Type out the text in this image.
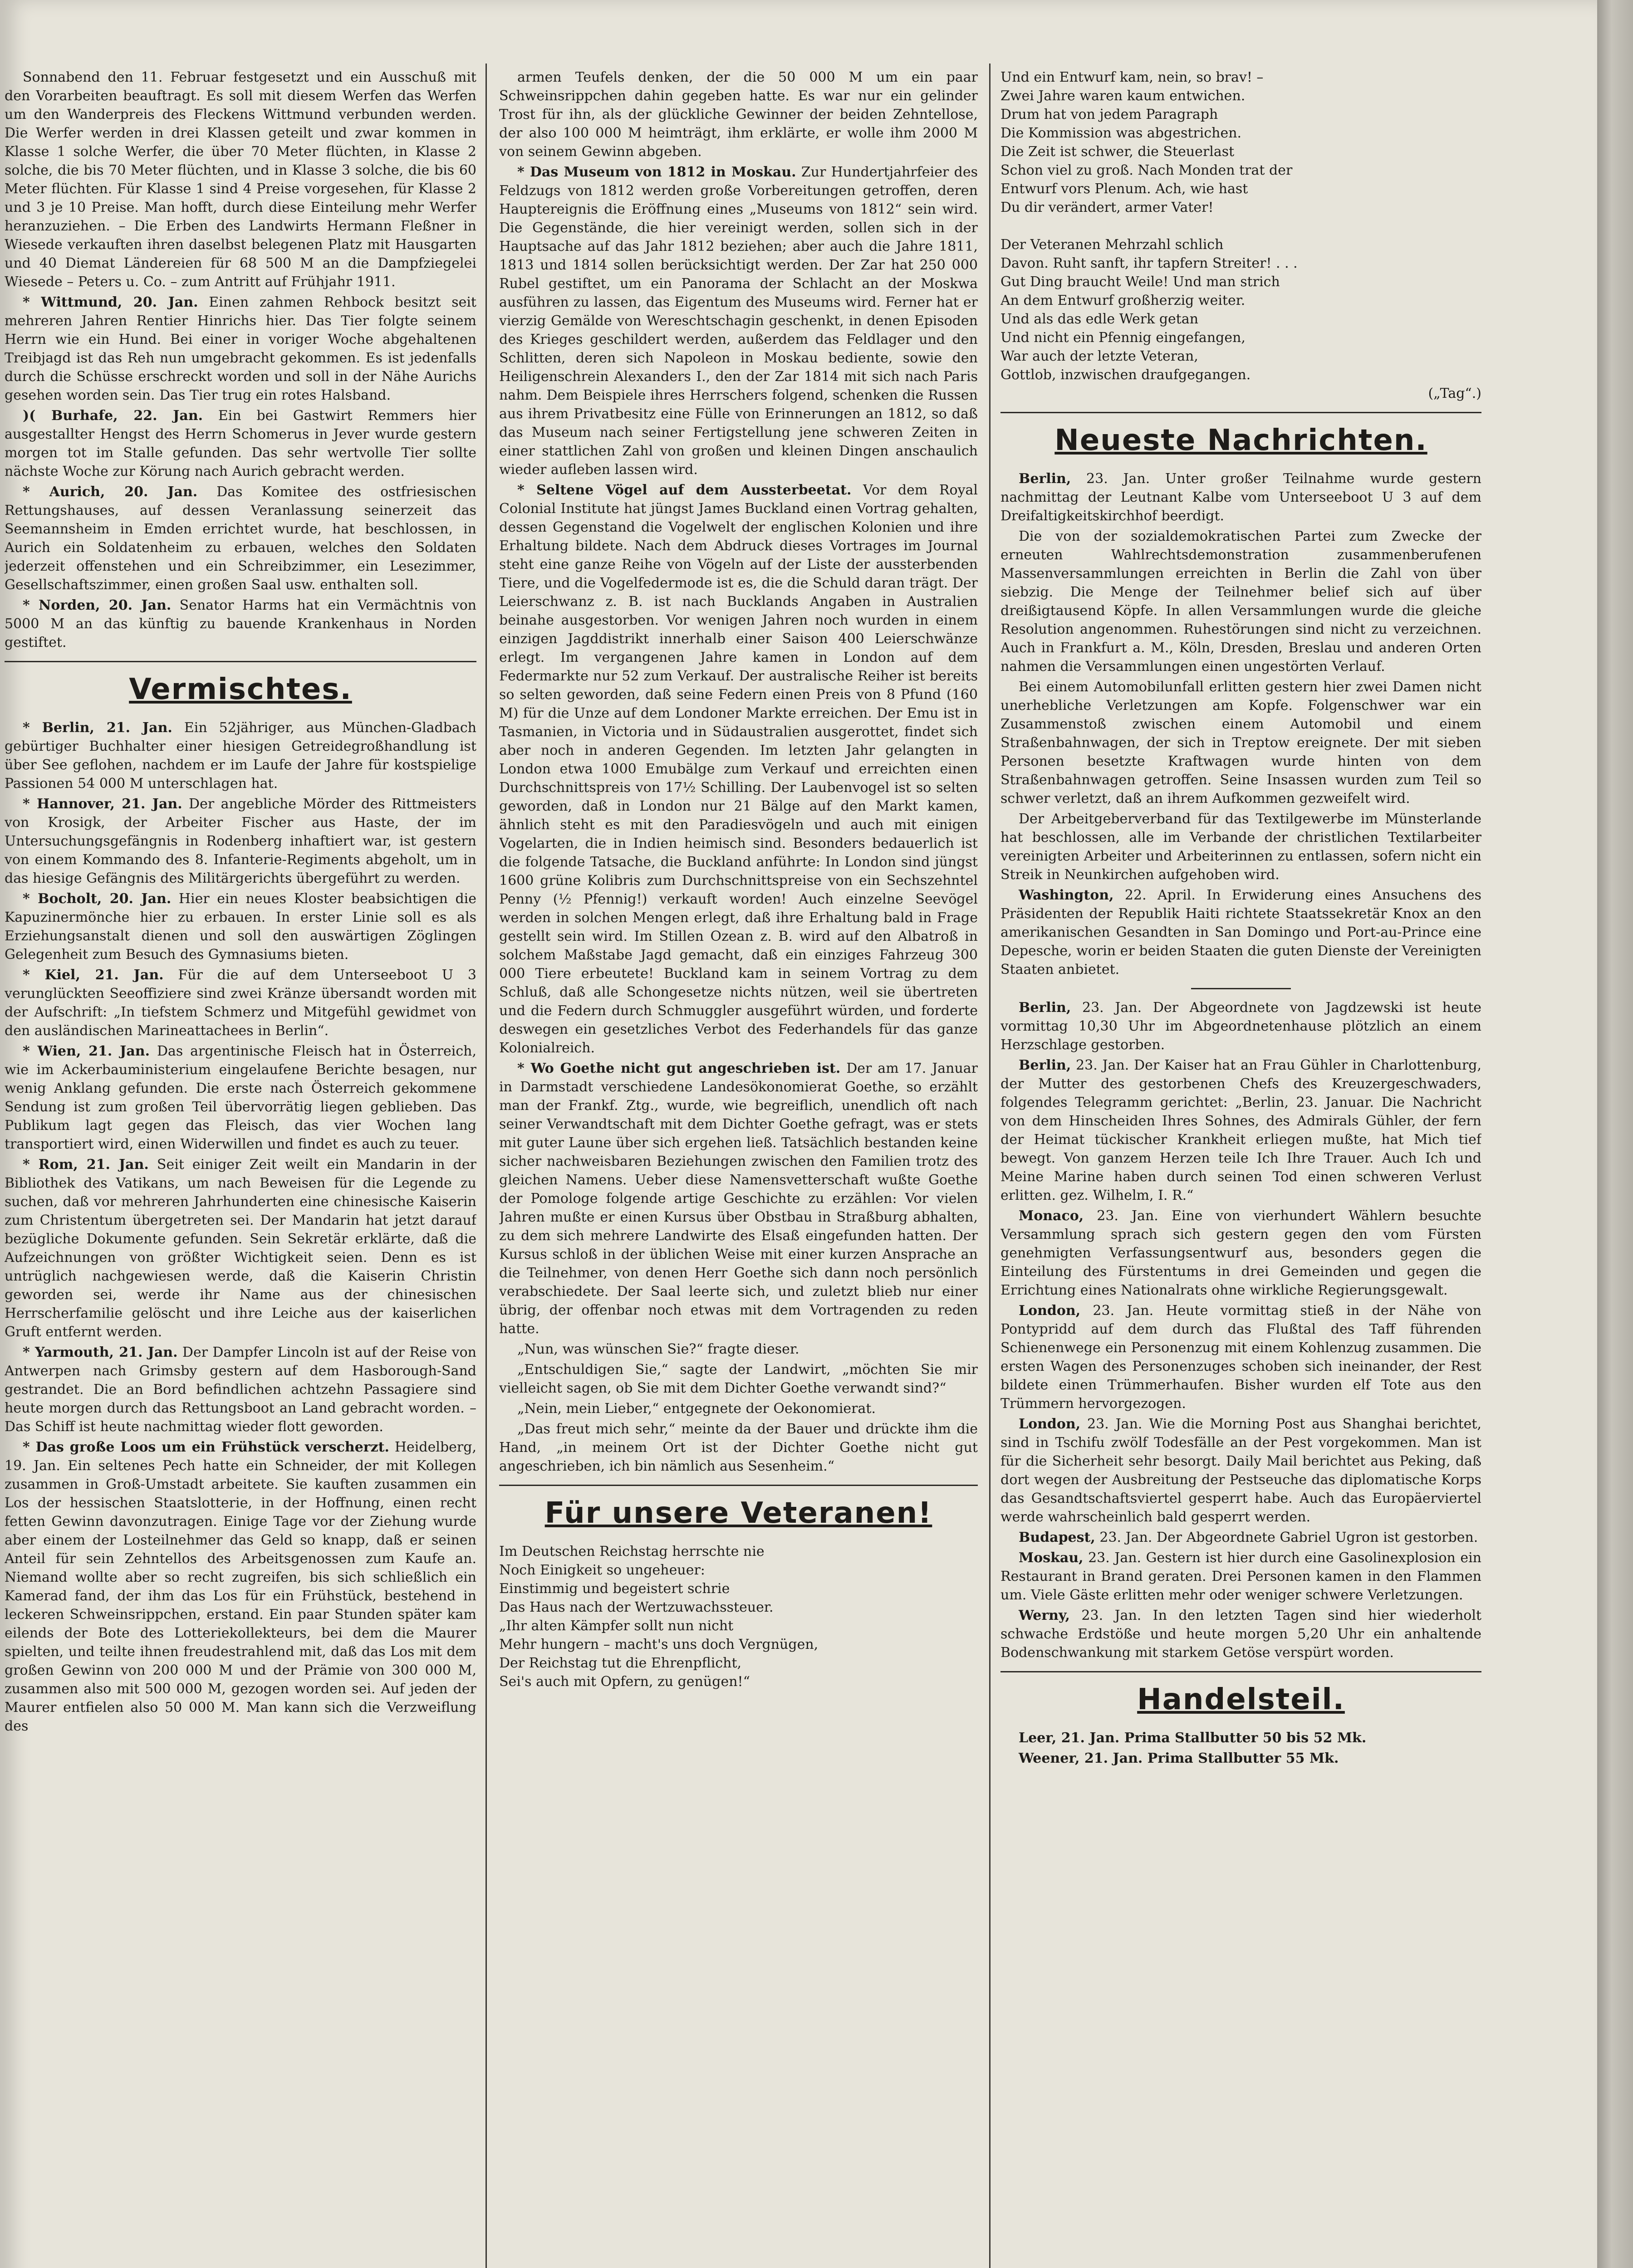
Sonnabend den 11. Februar festgesetzt und ein Ausschuß mit den Vorarbeiten beauftragt. Es soll mit diesem Werfen das Werfen um den Wanderpreis des Fleckens Wittmund verbunden werden. Die Werfer werden in drei Klassen geteilt und zwar kommen in Klasse 1 solche Werfer, die über 70 Meter flüchten, in Klasse 2 solche, die bis 70 Meter flüchten, und in Klasse 3 solche, die bis 60 Meter flüchten. Für Klasse 1 sind 4 Preise vorgesehen, für Klasse 2 und 3 je 10 Preise. Man hofft, durch diese Einteilung mehr Werfer heranzuziehen. – Die Erben des Landwirts Hermann Fleßner in Wiesede verkauften ihren daselbst belegenen Platz mit Hausgarten und 40 Diemat Ländereien für 68 500 M an die Dampfziegelei Wiesede – Peters u. Co. – zum Antritt auf Frühjahr 1911.

* Wittmund, 20. Jan. Einen zahmen Rehbock besitzt seit mehreren Jahren Rentier Hinrichs hier. Das Tier folgte seinem Herrn wie ein Hund. Bei einer in voriger Woche abgehaltenen Treibjagd ist das Reh nun umgebracht gekommen. Es ist jedenfalls durch die Schüsse erschreckt worden und soll in der Nähe Aurichs gesehen worden sein. Das Tier trug ein rotes Halsband.

)( Burhafe, 22. Jan. Ein bei Gastwirt Remmers hier ausgestallter Hengst des Herrn Schomerus in Jever wurde gestern morgen tot im Stalle gefunden. Das sehr wertvolle Tier sollte nächste Woche zur Körung nach Aurich gebracht werden.

* Aurich, 20. Jan. Das Komitee des ostfriesischen Rettungshauses, auf dessen Veranlassung seinerzeit das Seemannsheim in Emden errichtet wurde, hat beschlossen, in Aurich ein Soldatenheim zu erbauen, welches den Soldaten jederzeit offenstehen und ein Schreibzimmer, ein Lesezimmer, Gesellschaftszimmer, einen großen Saal usw. enthalten soll.

* Norden, 20. Jan. Senator Harms hat ein Vermächtnis von 5000 M an das künftig zu bauende Krankenhaus in Norden gestiftet.

Vermischtes.

* Berlin, 21. Jan. Ein 52jähriger, aus München-Gladbach gebürtiger Buchhalter einer hiesigen Getreidegroßhandlung ist über See geflohen, nachdem er im Laufe der Jahre für kostspielige Passionen 54 000 M unterschlagen hat.

* Hannover, 21. Jan. Der angebliche Mörder des Rittmeisters von Krosigk, der Arbeiter Fischer aus Haste, der im Untersuchungsgefängnis in Rodenberg inhaftiert war, ist gestern von einem Kommando des 8. Infanterie-Regiments abgeholt, um in das hiesige Gefängnis des Militärgerichts übergeführt zu werden.

* Bocholt, 20. Jan. Hier ein neues Kloster beabsichtigen die Kapuzinermönche hier zu erbauen. In erster Linie soll es als Erziehungsanstalt dienen und soll den auswärtigen Zöglingen Gelegenheit zum Besuch des Gymnasiums bieten.

* Kiel, 21. Jan. Für die auf dem Unterseeboot U 3 verunglückten Seeoffiziere sind zwei Kränze übersandt worden mit der Aufschrift: „In tiefstem Schmerz und Mitgefühl gewidmet von den ausländischen Marineattachees in Berlin“.

* Wien, 21. Jan. Das argentinische Fleisch hat in Österreich, wie im Ackerbauministerium eingelaufene Berichte besagen, nur wenig Anklang gefunden. Die erste nach Österreich gekommene Sendung ist zum großen Teil übervorrätig liegen geblieben. Das Publikum lagt gegen das Fleisch, das vier Wochen lang transportiert wird, einen Widerwillen und findet es auch zu teuer.

* Rom, 21. Jan. Seit einiger Zeit weilt ein Mandarin in der Bibliothek des Vatikans, um nach Beweisen für die Legende zu suchen, daß vor mehreren Jahrhunderten eine chinesische Kaiserin zum Christentum übergetreten sei. Der Mandarin hat jetzt darauf bezügliche Dokumente gefunden. Sein Sekretär erklärte, daß die Aufzeichnungen von größter Wichtigkeit seien. Denn es ist untrüglich nachgewiesen werde, daß die Kaiserin Christin geworden sei, werde ihr Name aus der chinesischen Herrscherfamilie gelöscht und ihre Leiche aus der kaiserlichen Gruft entfernt werden.

* Yarmouth, 21. Jan. Der Dampfer Lincoln ist auf der Reise von Antwerpen nach Grimsby gestern auf dem Hasborough-Sand gestrandet. Die an Bord befindlichen achtzehn Passagiere sind heute morgen durch das Rettungsboot an Land gebracht worden. – Das Schiff ist heute nachmittag wieder flott geworden.

* Das große Loos um ein Frühstück verscherzt. Heidelberg, 19. Jan. Ein seltenes Pech hatte ein Schneider, der mit Kollegen zusammen in Groß-Umstadt arbeitete. Sie kauften zusammen ein Los der hessischen Staatslotterie, in der Hoffnung, einen recht fetten Gewinn davonzutragen. Einige Tage vor der Ziehung wurde aber einem der Losteilnehmer das Geld so knapp, daß er seinen Anteil für sein Zehntellos des Arbeitsgenossen zum Kaufe an. Niemand wollte aber so recht zugreifen, bis sich schließlich ein Kamerad fand, der ihm das Los für ein Frühstück, bestehend in leckeren Schweinsrippchen, erstand. Ein paar Stunden später kam eilends der Bote des Lotteriekollekteurs, bei dem die Maurer spielten, und teilte ihnen freudestrahlend mit, daß das Los mit dem großen Gewinn von 200 000 M und der Prämie von 300 000 M, zusammen also mit 500 000 M, gezogen worden sei. Auf jeden der Maurer entfielen also 50 000 M. Man kann sich die Verzweiflung des

armen Teufels denken, der die 50 000 M um ein paar Schweinsrippchen dahin gegeben hatte. Es war nur ein gelinder Trost für ihn, als der glückliche Gewinner der beiden Zehntellose, der also 100 000 M heimträgt, ihm erklärte, er wolle ihm 2000 M von seinem Gewinn abgeben.

* Das Museum von 1812 in Moskau. Zur Hundertjahrfeier des Feldzugs von 1812 werden große Vorbereitungen getroffen, deren Hauptereignis die Eröffnung eines „Museums von 1812“ sein wird. Die Gegenstände, die hier vereinigt werden, sollen sich in der Hauptsache auf das Jahr 1812 beziehen; aber auch die Jahre 1811, 1813 und 1814 sollen berücksichtigt werden. Der Zar hat 250 000 Rubel gestiftet, um ein Panorama der Schlacht an der Moskwa ausführen zu lassen, das Eigentum des Museums wird. Ferner hat er vierzig Gemälde von Wereschtschagin geschenkt, in denen Episoden des Krieges geschildert werden, außerdem das Feldlager und den Schlitten, deren sich Napoleon in Moskau bediente, sowie den Heiligenschrein Alexanders I., den der Zar 1814 mit sich nach Paris nahm. Dem Beispiele ihres Herrschers folgend, schenken die Russen aus ihrem Privatbesitz eine Fülle von Erinnerungen an 1812, so daß das Museum nach seiner Fertigstellung jene schweren Zeiten in einer stattlichen Zahl von großen und kleinen Dingen anschaulich wieder aufleben lassen wird.

* Seltene Vögel auf dem Aussterbeetat. Vor dem Royal Colonial Institute hat jüngst James Buckland einen Vortrag gehalten, dessen Gegenstand die Vogelwelt der englischen Kolonien und ihre Erhaltung bildete. Nach dem Abdruck dieses Vortrages im Journal steht eine ganze Reihe von Vögeln auf der Liste der aussterbenden Tiere, und die Vogelfedermode ist es, die die Schuld daran trägt. Der Leierschwanz z. B. ist nach Bucklands Angaben in Australien beinahe ausgestorben. Vor wenigen Jahren noch wurden in einem einzigen Jagddistrikt innerhalb einer Saison 400 Leierschwänze erlegt. Im vergangenen Jahre kamen in London auf dem Federmarkte nur 52 zum Verkauf. Der australische Reiher ist bereits so selten geworden, daß seine Federn einen Preis von 8 Pfund (160 M) für die Unze auf dem Londoner Markte erreichen. Der Emu ist in Tasmanien, in Victoria und in Südaustralien ausgerottet, findet sich aber noch in anderen Gegenden. Im letzten Jahr gelangten in London etwa 1000 Emubälge zum Verkauf und erreichten einen Durchschnittspreis von 17½ Schilling. Der Laubenvogel ist so selten geworden, daß in London nur 21 Bälge auf den Markt kamen, ähnlich steht es mit den Paradiesvögeln und auch mit einigen Vogelarten, die in Indien heimisch sind. Besonders bedauerlich ist die folgende Tatsache, die Buckland anführte: In London sind jüngst 1600 grüne Kolibris zum Durchschnittspreise von ein Sechszehntel Penny (½ Pfennig!) verkauft worden! Auch einzelne Seevögel werden in solchen Mengen erlegt, daß ihre Erhaltung bald in Frage gestellt sein wird. Im Stillen Ozean z. B. wird auf den Albatroß in solchem Maßstabe Jagd gemacht, daß ein einziges Fahrzeug 300 000 Tiere erbeutete! Buckland kam in seinem Vortrag zu dem Schluß, daß alle Schongesetze nichts nützen, weil sie übertreten und die Federn durch Schmuggler ausgeführt würden, und forderte deswegen ein gesetzliches Verbot des Federhandels für das ganze Kolonialreich.

* Wo Goethe nicht gut angeschrieben ist. Der am 17. Januar in Darmstadt verschiedene Landesökonomierat Goethe, so erzählt man der Frankf. Ztg., wurde, wie begreiflich, unendlich oft nach seiner Verwandtschaft mit dem Dichter Goethe gefragt, was er stets mit guter Laune über sich ergehen ließ. Tatsächlich bestanden keine sicher nachweisbaren Beziehungen zwischen den Familien trotz des gleichen Namens. Ueber diese Namensvetterschaft wußte Goethe der Pomologe folgende artige Geschichte zu erzählen: Vor vielen Jahren mußte er einen Kursus über Obstbau in Straßburg abhalten, zu dem sich mehrere Landwirte des Elsaß eingefunden hatten. Der Kursus schloß in der üblichen Weise mit einer kurzen Ansprache an die Teilnehmer, von denen Herr Goethe sich dann noch persönlich verabschiedete. Der Saal leerte sich, und zuletzt blieb nur einer übrig, der offenbar noch etwas mit dem Vortragenden zu reden hatte.

„Nun, was wünschen Sie?“ fragte dieser.

„Entschuldigen Sie,“ sagte der Landwirt, „möchten Sie mir vielleicht sagen, ob Sie mit dem Dichter Goethe verwandt sind?“

„Nein, mein Lieber,“ entgegnete der Oekonomierat.

„Das freut mich sehr,“ meinte da der Bauer und drückte ihm die Hand, „in meinem Ort ist der Dichter Goethe nicht gut angeschrieben, ich bin nämlich aus Sesenheim.“

Für unsere Veteranen!

Im Deutschen Reichstag herrschte nie

Noch Einigkeit so ungeheuer:

Einstimmig und begeistert schrie

Das Haus nach der Wertzuwachssteuer.

„Ihr alten Kämpfer sollt nun nicht

Mehr hungern – macht's uns doch Vergnügen,

Der Reichstag tut die Ehrenpflicht,

Sei's auch mit Opfern, zu genügen!“

Und ein Entwurf kam, nein, so brav! –

Zwei Jahre waren kaum entwichen.

Drum hat von jedem Paragraph

Die Kommission was abgestrichen.

Die Zeit ist schwer, die Steuerlast

Schon viel zu groß. Nach Monden trat der

Entwurf vors Plenum. Ach, wie hast

Du dir verändert, armer Vater!

Der Veteranen Mehrzahl schlich

Davon. Ruht sanft, ihr tapfern Streiter! . . .

Gut Ding braucht Weile! Und man strich

An dem Entwurf großherzig weiter.

Und als das edle Werk getan

Und nicht ein Pfennig eingefangen,

War auch der letzte Veteran,

Gottlob, inzwischen draufgegangen.

(„Tag“.)

Neueste Nachrichten.

Berlin, 23. Jan. Unter großer Teilnahme wurde gestern nachmittag der Leutnant Kalbe vom Unterseeboot U 3 auf dem Dreifaltigkeitskirchhof beerdigt.

Die von der sozialdemokratischen Partei zum Zwecke der erneuten Wahlrechtsdemonstration zusammenberufenen Massenversammlungen erreichten in Berlin die Zahl von über siebzig. Die Menge der Teilnehmer belief sich auf über dreißigtausend Köpfe. In allen Versammlungen wurde die gleiche Resolution angenommen. Ruhestörungen sind nicht zu verzeichnen. Auch in Frankfurt a. M., Köln, Dresden, Breslau und anderen Orten nahmen die Versammlungen einen ungestörten Verlauf.

Bei einem Automobilunfall erlitten gestern hier zwei Damen nicht unerhebliche Verletzungen am Kopfe. Folgenschwer war ein Zusammenstoß zwischen einem Automobil und einem Straßenbahnwagen, der sich in Treptow ereignete. Der mit sieben Personen besetzte Kraftwagen wurde hinten von dem Straßenbahnwagen getroffen. Seine Insassen wurden zum Teil so schwer verletzt, daß an ihrem Aufkommen gezweifelt wird.

Der Arbeitgeberverband für das Textilgewerbe im Münsterlande hat beschlossen, alle im Verbande der christlichen Textilarbeiter vereinigten Arbeiter und Arbeiterinnen zu entlassen, sofern nicht ein Streik in Neunkirchen aufgehoben wird.

Washington, 22. April. In Erwiderung eines Ansuchens des Präsidenten der Republik Haiti richtete Staatssekretär Knox an den amerikanischen Gesandten in San Domingo und Port-au-Prince eine Depesche, worin er beiden Staaten die guten Dienste der Vereinigten Staaten anbietet.

Berlin, 23. Jan. Der Abgeordnete von Jagdzewski ist heute vormittag 10,30 Uhr im Abgeordnetenhause plötzlich an einem Herzschlage gestorben.

Berlin, 23. Jan. Der Kaiser hat an Frau Gühler in Charlottenburg, der Mutter des gestorbenen Chefs des Kreuzergeschwaders, folgendes Telegramm gerichtet: „Berlin, 23. Januar. Die Nachricht von dem Hinscheiden Ihres Sohnes, des Admirals Gühler, der fern der Heimat tückischer Krankheit erliegen mußte, hat Mich tief bewegt. Von ganzem Herzen teile Ich Ihre Trauer. Auch Ich und Meine Marine haben durch seinen Tod einen schweren Verlust erlitten. gez. Wilhelm, I. R.“

Monaco, 23. Jan. Eine von vierhundert Wählern besuchte Versammlung sprach sich gestern gegen den vom Fürsten genehmigten Verfassungsentwurf aus, besonders gegen die Einteilung des Fürstentums in drei Gemeinden und gegen die Errichtung eines Nationalrats ohne wirkliche Regierungsgewalt.

London, 23. Jan. Heute vormittag stieß in der Nähe von Pontypridd auf dem durch das Flußtal des Taff führenden Schienenwege ein Personenzug mit einem Kohlenzug zusammen. Die ersten Wagen des Personenzuges schoben sich ineinander, der Rest bildete einen Trümmerhaufen. Bisher wurden elf Tote aus den Trümmern hervorgezogen.

London, 23. Jan. Wie die Morning Post aus Shanghai berichtet, sind in Tschifu zwölf Todesfälle an der Pest vorgekommen. Man ist für die Sicherheit sehr besorgt. Daily Mail berichtet aus Peking, daß dort wegen der Ausbreitung der Pestseuche das diplomatische Korps das Gesandtschaftsviertel gesperrt habe. Auch das Europäerviertel werde wahrscheinlich bald gesperrt werden.

Budapest, 23. Jan. Der Abgeordnete Gabriel Ugron ist gestorben.

Moskau, 23. Jan. Gestern ist hier durch eine Gasolinexplosion ein Restaurant in Brand geraten. Drei Personen kamen in den Flammen um. Viele Gäste erlitten mehr oder weniger schwere Verletzungen.

Werny, 23. Jan. In den letzten Tagen sind hier wiederholt schwache Erdstöße und heute morgen 5,20 Uhr ein anhaltende Bodenschwankung mit starkem Getöse verspürt worden.

Handelsteil.

Leer, 21. Jan. Prima Stallbutter 50 bis 52 Mk.

Weener, 21. Jan. Prima Stallbutter 55 Mk.
